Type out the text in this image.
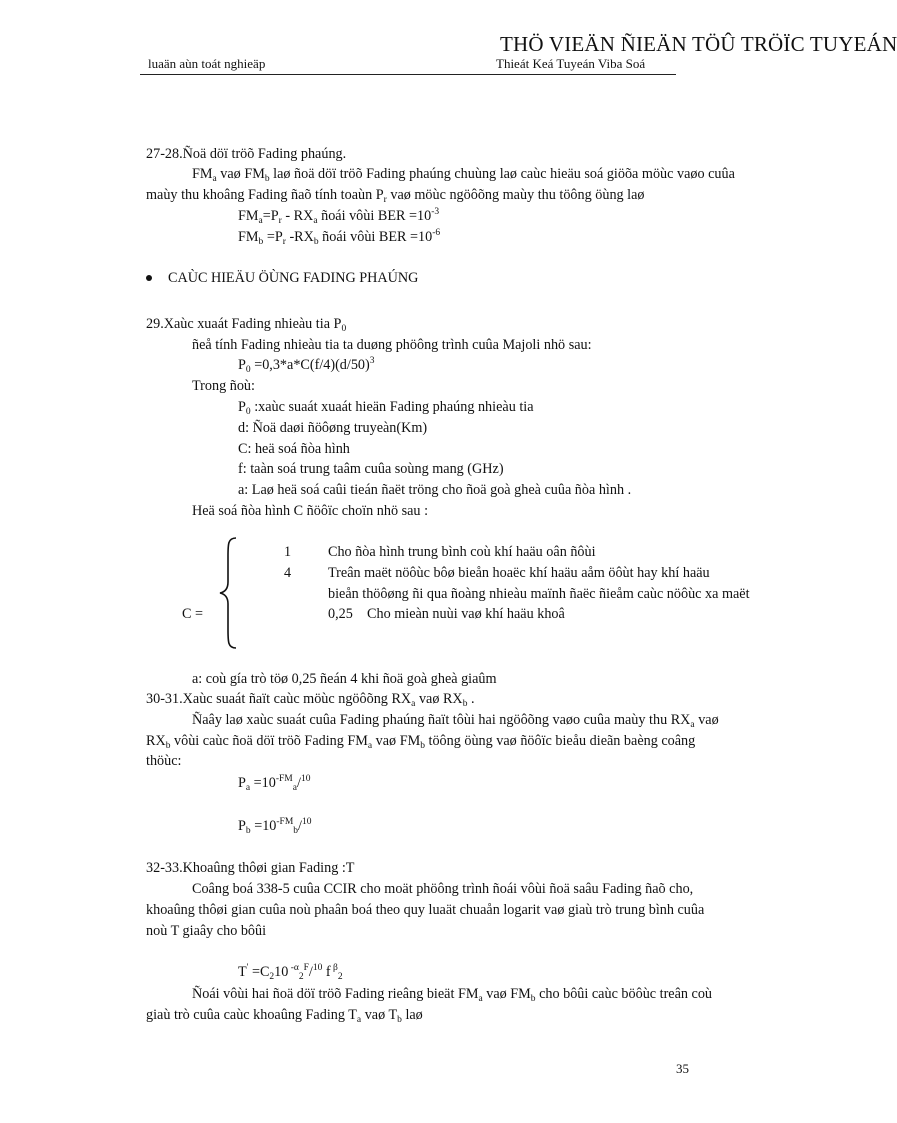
THÖ VIEÄN ÑIEÄN TÖÛ TRÖÏC TUYEÁN
luaän aùn toát nghieäp	Thieát Keá Tuyeán Viba Soá
27-28.Ñoä döï tröõ Fading phaúng.
$FM_a$ vaø $FM_b$ laø ñoä döï tröõ Fading phaúng chuùng laø caùc hieäu soá giöõa möùc vaøo cuûa
maùy thu khoâng Fading ñaõ tính toaùn $P_r$ vaø möùc ngöôõng maùy thu töông öùng laø
$FM_a=P_r - RX_a$ ñoái vôùi BER $=10^{-3}$
$FM_b =P_r$ $-RX_b$ ñoái vôùi BER $=10^{-6}$
CAÙC HIEÄU ÖÙNG FADING PHAÚNG
29.Xaùc xuaát Fading nhieàu tia $P_0$
ñeå tính Fading nhieàu tia ta duøng phöông trình cuûa Majoli nhö sau:
$P_0 =0,3*a*C(f/4)(d/50)^3$
Trong ñoù:
$P_0$ :xaùc suaát xuaát hieän Fading phaúng nhieàu tia
d: Ñoä daøi ñöôøng truyeàn(Km)
C: heä soá ñòa hình
f: taàn soá trung taâm cuûa soùng mang (GHz)
a: Laø heä soá caûi tieán ñaët tröng cho ñoä goà gheà cuûa ñòa hình .
Heä soá ñòa hình C ñöôïc choïn nhö sau :
C =
1	Cho ñòa hình trung bình coù khí haäu oân ñôùi
4	Treân maët nöôùc bôø bieån hoaëc khí haäu aåm öôùt hay khí haäu
bieån thöôøng ñi qua ñoàng nhieàu maïnh ñaëc ñieåm caùc nöôùc xa maët
0,25 Cho mieàn nuùi vaø khí haäu khoâ
a: coù gía trò töø 0,25 ñeán 4 khi ñoä goà gheà giaûm
30-31.Xaùc suaát ñaït caùc möùc ngöôõng $RX_a$ vaø $RX_b$ .
Ñaây laø xaùc suaát cuûa Fading phaúng ñaït tôùi hai ngöôõng vaøo cuûa maùy thu $RX_a$ vaø
$RX_b$ vôùi caùc ñoä döï tröõ Fading $FM_a$ vaø $FM_b$ töông öùng vaø ñöôïc bieåu dieãn baèng coâng
thöùc:
$P_a =10^{-FM}_a/^{10}$
$P_b =10^{-FM}_b/^{10}$
32-33.Khoaûng thôøi gian Fading :T
Coâng boá 338-5 cuûa CCIR cho moät phöông trình ñoái vôùi ñoä saâu Fading ñaõ cho,
khoaûng thôøi gian cuûa noù phaân boá theo quy luaät chuaån logarit vaø giaù trò trung bình cuûa
noù T giaây cho bôûi
$T' =C_210$ $^{-\alpha}_2^F$/$^{10}$ f $^\beta_2$
Ñoái vôùi hai ñoä döï tröõ Fading rieâng bieät $FM_a$ vaø $FM_b$ cho bôûi caùc böôùc treân coù
giaù trò cuûa caùc khoaûng Fading $T_a$ vaø $T_b$ laø
35
